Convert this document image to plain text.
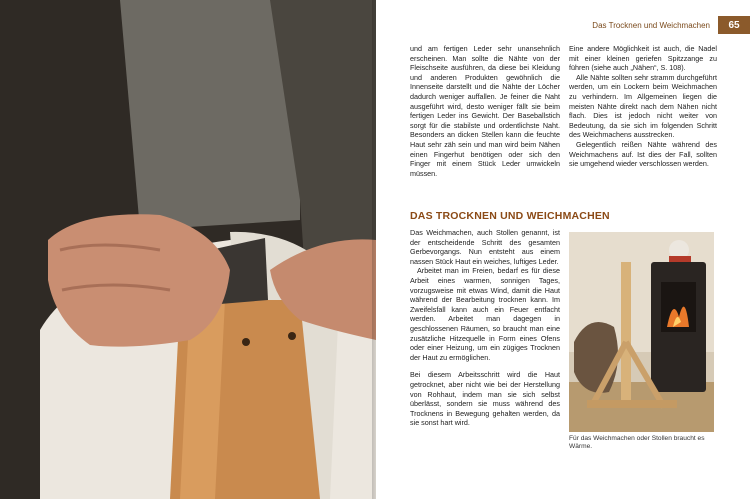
Das Trocknen und Weichmachen	65

und am fertigen Leder sehr unansehnlich erscheinen. Man sollte die Nähte von der Fleischseite ausführen, da diese bei Kleidung und anderen Produkten gewöhnlich die Innenseite darstellt und die Nähte der Löcher dadurch weniger auffallen. Je feiner die Naht ausgeführt wird, desto weniger fällt sie beim fertigen Leder ins Gewicht. Der Baseballstich sorgt für die stabilste und ordentlichste Naht. Besonders an dicken Stellen kann die feuchte Haut sehr zäh sein und man wird beim Nähen einen Fingerhut benötigen oder sich den Finger mit einem Stück Leder umwickeln müssen.

Eine andere Möglichkeit ist auch, die Nadel mit einer kleinen geriefen Spitzzange zu führen (siehe auch „Nähen“, S. 108).

Alle Nähte sollten sehr stramm durchgeführt werden, um ein Lockern beim Weichmachen zu verhindern. Im Allgemeinen liegen die meisten Nähte direkt nach dem Nähen nicht flach. Dies ist jedoch nicht weiter von Bedeutung, da sie sich im folgenden Schritt des Weichmachens ausstrecken.

Gelegentlich reißen Nähte während des Weichmachens auf. Ist dies der Fall, sollten sie umgehend wieder verschlossen werden.

DAS TROCKNEN UND WEICHMACHEN

Das Weichmachen, auch Stollen genannt, ist der entscheidende Schritt des gesamten Gerbevorgangs. Nun entsteht aus einem nassen Stück Haut ein weiches, luftiges Leder.

Arbeitet man im Freien, bedarf es für diese Arbeit eines warmen, sonnigen Tages, vorzugsweise mit etwas Wind, damit die Haut während der Bearbeitung trocknen kann. Im Zweifelsfall kann auch ein Feuer entfacht werden. Arbeitet man dagegen in geschlossenen Räumen, so braucht man eine zusätzliche Hitzequelle in Form eines Ofens oder einer Heizung, um ein zügiges Trocknen der Haut zu ermöglichen.

Bei diesem Arbeitsschritt wird die Haut getrocknet, aber nicht wie bei der Herstellung von Rohhaut, indem man sie sich selbst überlässt, sondern sie muss während des Trocknens in Bewegung gehalten werden, da sie sonst hart wird.

Für das Weichmachen oder Stollen braucht es Wärme.
